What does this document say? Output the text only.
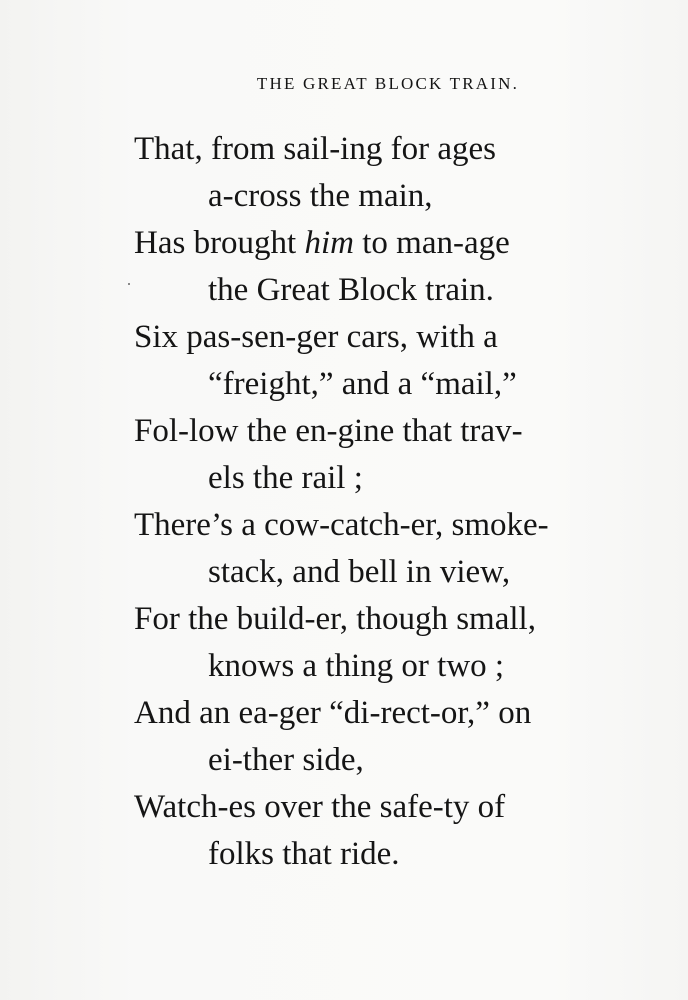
THE GREAT BLOCK TRAIN.
That, from sail-ing for ages
a-cross the main,
Has brought him to man-age
the Great Block train.
Six pas-sen-ger cars, with a
“freight,” and a “mail,”
Fol-low the en-gine that trav-
els the rail ;
There’s a cow-catch-er, smoke-
stack, and bell in view,
For the build-er, though small,
knows a thing or two ;
And an ea-ger “di-rect-or,” on
ei-ther side,
Watch-es over the safe-ty of
folks that ride.
